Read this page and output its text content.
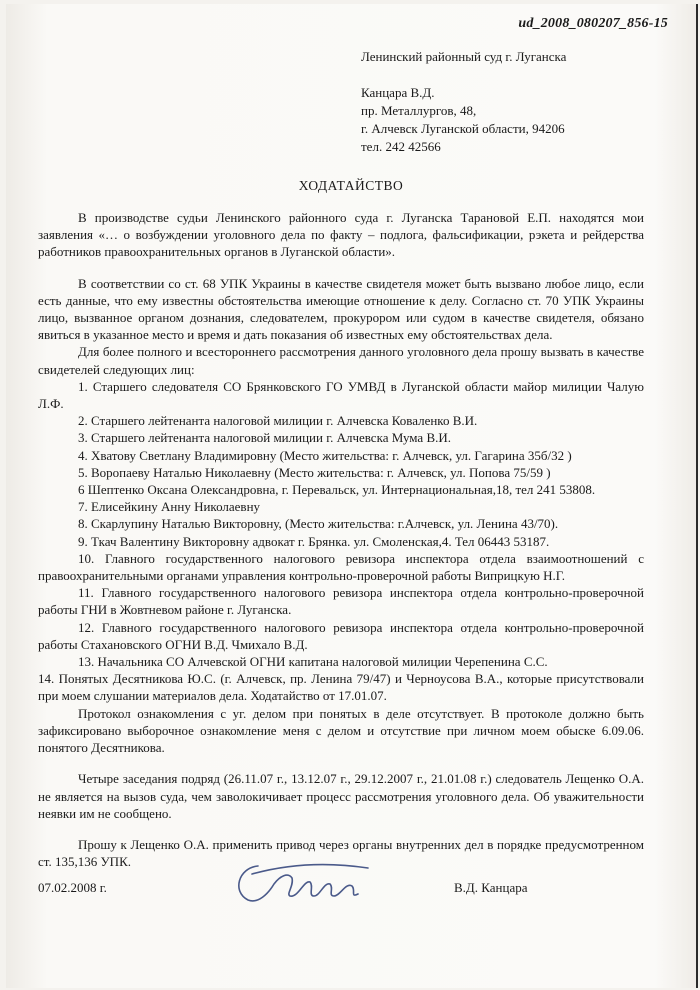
ud_2008_080207_856-15
Ленинский районный суд г. Луганска
Канцара В.Д.
пр. Металлургов, 48,
г. Алчевск Луганской области, 94206
тел. 242 42566
ХОДАТАЙСТВО

В производстве судьи Ленинского районного суда г. Луганска Тарановой Е.П. находятся мои заявления «… о возбуждении уголовного дела по факту – подлога, фальсификации, рэкета и рейдерства работников правоохранительных органов в Луганской области».

В соответствии со ст. 68 УПК Украины в качестве свидетеля может быть вызвано любое лицо, если есть данные, что ему известны обстоятельства имеющие отношение к делу. Согласно ст. 70 УПК Украины лицо, вызванное органом дознания, следователем, прокурором или судом в качестве свидетеля, обязано явиться в указанное место и время и дать показания об известных ему обстоятельствах дела.

Для более полного и всестороннего рассмотрения данного уголовного дела прошу вызвать в качестве свидетелей следующих лиц:

1. Старшего следователя СО Брянковского ГО УМВД в Луганской области майор милиции Чалую Л.Ф.

2. Старшего лейтенанта налоговой милиции г. Алчевска Коваленко В.И.

3. Старшего лейтенанта налоговой милиции г. Алчевска Мума В.И.

4. Хватову Светлану Владимировну (Место жительства: г. Алчевск, ул. Гагарина 35б/32 )

5. Воропаеву Наталью Николаевну (Место жительства: г. Алчевск, ул. Попова 75/59 )

6 Шептенко Оксана Олександровна, г. Перевальск, ул. Интернациональная,18, тел 241 53808.

7. Елисейкину Анну Николаевну

8. Скарлупину Наталью Викторовну, (Место жительства: г.Алчевск, ул. Ленина 43/70).

9. Ткач Валентину Викторовну адвокат г. Брянка. ул. Смоленская,4. Тел 06443 53187.

10. Главного государственного налогового ревизора инспектора отдела взаимоотношений с правоохранительными органами управления контрольно-проверочной работы Виприцкую Н.Г.

11. Главного государственного налогового ревизора инспектора отдела контрольно-проверочной работы ГНИ в Жовтневом районе г. Луганска.

12. Главного государственного налогового ревизора инспектора отдела контрольно-проверочной работы Стахановского ОГНИ В.Д. Чмихало В.Д.

13. Начальника СО Алчевской ОГНИ капитана налоговой милиции Черепенина С.С.

14. Понятых Десятникова Ю.С. (г. Алчевск, пр. Ленина 79/47) и Черноусова В.А., которые присутствовали при моем слушании материалов дела. Ходатайство от 17.01.07.

Протокол ознакомления с уг. делом при понятых в деле отсутствует. В протоколе должно быть зафиксировано выборочное ознакомление меня с делом и отсутствие при личном моем обыске 6.09.06. понятого Десятникова.

Четыре заседания подряд (26.11.07 г., 13.12.07 г., 29.12.2007 г., 21.01.08 г.) следователь Лещенко О.А. не является на вызов суда, чем заволокичивает процесс рассмотрения уголовного дела. Об уважительности неявки им не сообщено.

Прошу к Лещенко О.А. применить привод через органы внутренних дел в порядке предусмотренном ст. 135,136 УПК.

07.02.2008 г.	В.Д. Канцара
